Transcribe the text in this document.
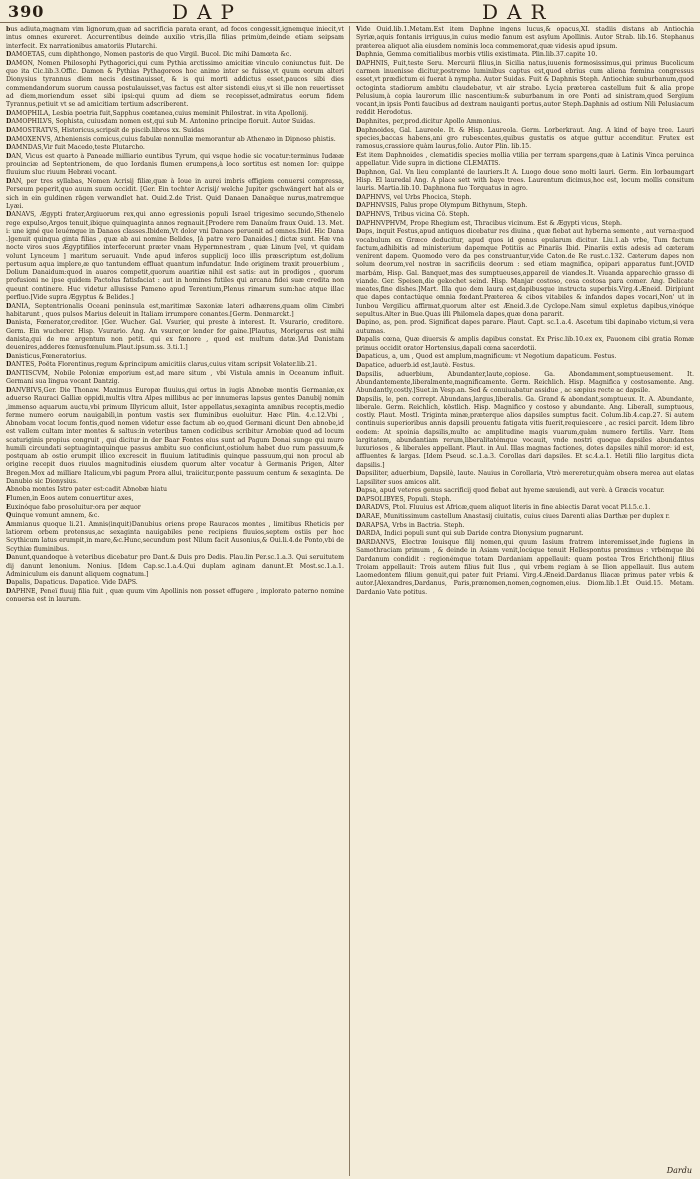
390	DAP	DAR

bus adiuta,magnam vim lignorum,quæ ad sacrificia parata erant, ad focos congessit,ignemque iniecit,vt intus omnes exureret. Accurrentibus deinde auxilio vtris,illa filias primùm,deinde etiam seipsam interfecit. Ex narrationibus amatoriis Plutarchi.

DAMOETAS, cum diphthongo, Nomen pastoris de quo Virgil. Bucol. Dic mihi Damœta &c.

DAMON, Nomen Philosophi Pythagorici,qui cum Pythia arctissimo amicitiæ vinculo coniunctus fuit. De quo ita Cic.lib.3.Offic. Damon & Pythias Pythagoreos hoc animo inter se fuisse,vt quum eorum alteri Dionysius tyrannus diem necis destinauisset, & is qui morti addictus esset,paucos sibi dies commendandorum suorum caussa postulauisset,vas factus est alter sistendi eius,vt si ille non reuertisset ad diem,moriendum esset sibi ipsi:qui quum ad diem se recepisset,admiratus eorum fidem Tyrannus,petiuit vt se ad amicitiam tertium adscriberent.

DAMOPHILA, Lesbia poetria fuit,Sapphus coætanea,cuius meminit Philostrat. in vita Apollonij.

DAMOPHILVS, Sophista, cuiusdam nomen est,qui sub M. Antonino principe floruit. Autor Suidas.

DAMOSTRATVS, Historicus,scripsit de piscib.libros xx. Suidas

DAMOXENVS, Atheniensis comicus,cuius fabulæ nonnullæ memorantur ab Athenæo in Dipnoso phistis.

DAMNDAS,Vir fuit Macedo,teste Plutarcho.

DAN, Vicus est quarto à Paneade milliario euntibus Tyrum, qui vsque hodie sic vocatur:terminus Iudææ prouinciæ ad Septentrionem, de quo Iordanis flumen erumpens,à loco sortitus est nomen Ior: quippe fluuium sluc riuum Hebræi vocant.

DAN, per tres syllabas, Nomen Acrisij filiæ,quæ à Ioue in aurei imbris effigiem conuersi compressa, Perseum peperit,quo auum suum occidit. [Ger. Ein tochter Acrisij/ welche Jupiter gschwängert hat als er sich in ein guldinen rägen verwandlet hat. Ouid.2.de Trist. Quid Danaen Danaëque nurus,matremque Lyæi.

DANAVS, Ægypti frater,Argiuorum rex,qui anno egressionis populi Israel trigesimo secundo,Sthenelo rege expulso,Argos tenuit,ibique quinquaginta annos regnauit.[Prodere rem Danaûm fraux Ouid. 13. Met. i: une igné que leuémque in Danaos classes.Ibidem,Vt dolor vni Danaos peruenit ad omnes.Ibid. Hic Dana .]genuit quinqua ginta filias , quæ ab aui nomine Belides, [à patre vero Danaides.] dictæ sunt. Hæ vna nocte viros suos Ægyptifilios interfecerunt præter vnam Hypermnestram , quæ Linum [vel, vt quidam volunt Lynceum ] maritum seruauit. Vnde apud inferos supplicij loco illis præscriptum est,dolium pertusum aqua implere,æ quo tantundem effluat quantum infundatur. Inde originem traxit prouerbium , Dolium Danaidum:quod in auaros competit,quorum auaritiæ nihil est satis: aut in prodigos , quorum profusioni ne ipse quidem Pactolus fatisfaciat : aut in homines futiles qui arcana fidei suæ credita non queunt continere. Huc videtur allusisse Pameno apud Terentium,Plenus rimarum sum:hac atque illac perfluo.[Vide supra Ægyptus & Belides.]

DANIA, Septentrionalis Oceani peninsula est,maritimæ Saxoniæ lateri adhærens,quam olim Cimbri habitarunt , quos pulsos Marius deleuit in Italiam irrumpere conantes.[Germ. Denmarckt.]

Danista, Fœnerator,creditor. [Ger. Wucher. Gal. Vsurier, qui preste à interest. It. Vsurario, creditore. Germ. Ein wucherer. Hisp. Vsurario. Ang. An vsurer,or lender for gaine.]Plautus, Morigerus est mihi danista,qui de me argentum non petit. qui ex fænore , quod est multum datæ.]Ad Danistam deuenires,adderes fœnusfœnulum.Plaut.ipsum.ss. 3.ti.1.]

Danisticus,Fœneratorius.

DANTES, Poëta Florentinus,regum &principum amicitiis clarus,cuius vitam scripsit Volater.lib.21.

DANTISCVM, Nobile Poloniæ emporium est,ad mare situm , vbi Vistula amnis in Oceanum influit. Germani sua lingua vocant Dantzig.

DANVBIVS,Ger. Die Thonaw. Maximus Europæ fluuius,qui ortus in iugis Abnobæ montis Germaniæ,ex aduerso Rauraci Galliæ oppidi,multis vltra Alpes millibus ac per innumeras lapsus gentes Danubij nomin ,immenso aquarum auctu,vbi primum Illyricum alluit, Ister appellatus,sexaginta amnibus receptis,medio ferme numero eorum nauigabili,in pontum vastis sex fluminibus euoluitur. Hæc Plin. 4.c.12.Vbi , Abnobam vocat locum fontis,quod nomen videtur esse factum ab eo,quod Germani dicunt Den abnobe,id est vallem cultam inter montes & saltus:in veteribus tamen codicibus scribitur Arnobiæ quod ad locum scaturiginis propius congruit , qui dicitur in der Baar Fontes eius sunt ad Pagum Donai sunge qui muro humili circundati septuagintaquinque passus ambitu suo conficiunt,ostiolum habet duo rum passuum,& postquam ab ostio erumpit illico excrescit in fluuium latitudinis quinque passuum,qui non procul ab origine recepit duos riuulos magnitudinis eiusdem quorum alter vocatur à Germanis Prigen, Alter Bregen.Mox ad milliare Italicum,vbi pagum Prora allui, traiicitur,ponte passuum centum & sexaginta. De Danubio sic Dionysius.

Abnoba montes Istro pater est:cadit Abnobæ hiatu

Flumen,in Eoos autem conuertitur axes,

Euxinóque fabo prosoluitur:ora per æquor

Quinque vomunt amnem, &c.

Ammianus quoque li.21. Amnis(inquit)Danubius oriens prope Rauracos montes , limitibus Rheticis per latiorem orbem protensus,ac sexaginta nauigabiles pene recipiens fluuios,septem ostiis per hoc Scythicum latus erumpit,in mare,&c.Hunc,secundum post Nilum facit Ausonius,& Oui.li.4.de Ponto,vbi de Scythiæ fluminibus.

Danunt,quandoque à veteribus dicebatur pro Dant.& Duis pro Dedis. Plau.lin Per.sc.1.a.3. Qui seruitutem dij danunt lenonium. Nonius. [Idem Cap.sc.1.a.4.Qui duplam aginam danunt.Et Most.sc.1.a.1. Adminiculum eis danunt aliquem cognatum.]

Dapalis, Dapaticus. Dapatice. Vide DAPS.

DAPHNE, Peneï fluuij filia fuit , quæ quum vim Apollinis non posset effugere , implorato paterno nomine conuersa est in laurum.

Vide Ouid.lib.1.Metam.Est item Daphne ingens lucus,& opacus,XI. stadiis distans ab Antiochia Syriæ,aquis fontanis irriguus,in cuius medio fanum est asylum Apollinis. Autor Strab. lib.16. Stephanus præterea aliquot alia eiusdem nominis loca commemorat,quæ videsis apud ipsum.

Daphnia, Gemma comitialibus morbis vtilis existimata. Plin.lib.37.capite 10.

DAPHNIS, Fuit,teste Seru. Mercurii filius,in Sicilia natus,iuuenis formosissimus,qui primus Bucolicum carmen inuenisse dicitur,postremo luminibus captus est,quod ebrius cum aliena fœmina congressus esset,vt prædictum ei fuerat à nympha. Autor Suidas. Fuit & Daphnis Steph. Antiochiæ suburbanum,quod octoginta stadiorum ambitu claudebatur, vt air strabo. Lycia præterea castellum fuit & alia prope Pelusium,à copia laurorum illic nascentium:& suburbanum in ore Ponti ad sinistram,quod Sergium vocant,in ipsis Ponti faucibus ad dextram nauiganti portus,autor Steph.Daphnis ad ostium Nili Pelusiacum reddit Herodotus.

Daphnites, per,prod.dicitur Apollo Ammonius.

Daphnoides, Gal. Laureole. It. & Hisp. Laureola. Germ. Lorberkraut. Ang. A kind of baye tree. Lauri species,baccas habens,ani gro rubescentes,quibus gustatis os atque guttur accenditur. Frutex est ramosus,crassiore quàm laurus,folio. Autor Plin. lib.15.

Est item Daphnoides , clematidis species mollia vtilia per terram spargens,quæ à Latinis Vinca peruinca appellatur. Vide supra in dictione CLEMATIS.

Daphnon, Gal. Vn lieu complanté de lauriers.It A. Luogo doue sono molti lauri. Germ. Ein lorbaumgart Hisp. El lauredal Ang. A place sett with baye trees. Laurentum dicimus,hoc est, locum mollis consitum lauris. Martia.lib.10. Daphnona fuo Torquatus in agro.

DAPHNVS, vel Urbs Phocica, Steph.

DAPHNVSIS, Palus prope Olympum Bithynum, Steph.

DAPHNVS, Tribus vicina Cô. Steph.

DAPHNVPHVM, Prope Rhegium est, Thracibus vicinum. Est & Ægypti vicus, Steph.

Daps, inquit Festus,apud antiquos dicebatur res diuina , quæ fiebat aut hyberna semente , aut verna:quod vocabulum ex Græco deducitur, apud quos id genus epularum dicitur. Liu.1.ab vrbe, Tum factum factum,adhibitis ad ministerium dapemque Potitiis ac Pinariis Ibid. Pinariis extis adesis ad cæteram venirent dapem. Quomodo vero da pes construantur,vide Caton.de Re rust.c.132. Cæterum dapes non solum deorum,vel nostræ in sacrificiis deorum : sed etiam magnifica, opipari apparatus funt.[OVID marbám, Hisp. Gal. Banquet,mas des sumptueuses,appareil de viandes.It. Viuanda apparechio grasso di viande. Ger. Speisen,die gekochet seind. Hisp. Manjar costoso, cosa costosa para comer. Ang. Delicate meates,fine dishes.]Mart. Illa quo dem laura est,dapibusque instructa superbis.Virg.4.Æneid. Diripiunt que dapes contactúque omnia fœdant.Præterea & cibos vitabiles & infandos dapes vocari,Non' ut in Iunbou Vergilicu affirmat,quorum alter est Æneid.3.de Cyclope.Nam simul expletus dapibus,vinóque sepultus.Alter in Bue.Quas illi Philomela dapes,quæ dona pararit.

Dapino, as, pen. prod. Significat dapes parare. Plaut. Capt. sc.1.a.4. Ascetum tibi dapinabo victum,si vera autumas.

Dapalis cœna, Quæ diuersis & amplis dapibus constat. Ex Prisc.lib.10.ex ex, Pauonem cibi gratia Romæ primus occidit orator Hortensius,dapali cœna sacerdotii.

Dapaticus, a, um , Quod est amplum,magnificum: vt Negotium dapaticum. Festus.

Dapatice, aduerb.id est,lautè. Festus.

Dapsilis, aduerbium, Abundanter,laute,copiose. Ga. Abondamment,somptueusement. It. Abundantemente,liberalmente,magnificamente. Germ. Reichlich. Hisp. Magnifica y costosamente. Ang. Abundantly,costly.]Suet.in Vesp.an. Sed & conuiuabatur assidue , ac sæpius recte ac dapsile.

Dapsilis, le, pen. corrept. Abundans,largus,liberalis. Ga. Grand & abondant,somptueux. It. A. Abundante, liberale. Germ. Reichlich, köstlich. Hisp. Magnifico y costoso y abundante. Ang. Liberall, sumptuous, costly. Plaut. Mostl. Triginta minæ,præterque alios dapsiles sumptus facit. Colum.lib.4.cap.27. Si autem continuis superioribus annis dapsili prouentu fatigata vitis fuerit,requiescere , ac resici parcit. Idem libro eodem: At spoinia dapsilis,multo ac amplitudine magis vuarum,quàm numero fertilis. Varr. Item largitatem, abundantiam rerum,liberalitatémque vocauit, vnde nostri quoque dapsiles abundantes luxuriosos , & liberales appellant. Plaut. in Aul. Illas magnas factiones, dotes dapsiles nihil moror: id est, affluentes & largas. [Idem Pseud. sc.1.a.3. Corollas dari dapsiles. Et sc.4.a.1. Hetili filio largitus dicta dapsilis.]

Dapsiliter, aduerbium, Dapsilè, laute. Nauius in Corollaria, Vtrò mereretur,quàm obsera merea aut elatas Lapsiliter suos amicos alit.

Dapsa, apud veteres genus sacrificij quod fiebat aut hyeme sæuiendi, aut verè. à Græcis vocatur.

DAPSOLIBYES, Populi. Steph.

DARADVS, Ptol. Fluuius est Africæ,quem aliquot literis in fine abiectis Darat vocat Pl.l.5.c.1.

DARAE, Munitissimum castellum Anastasij ciuitatis, cuius ciues Darenti alias Darthæ per duplex r.

DARAPSA, Vrbs in Bactria. Steph.

DARDA, Indici populi sunt qui sub Daride contra Dionysium pugnarunt.

DARDANVS, Electræ Iouisque filij nomen,qui quum Iasium fratrem interemisset,inde fugiens in Samothraciam primum , & deinde in Asiam venit,locúque tenuit Hellespontus proximus : vrbémque ibi Dardanum condidit : regionémque totam Dardaniam appellauit: quam postea Tros Erichthonij filius Troiam appellauit: Trois autem filius fuit Ilus , qui vrbem regiam à se Ilion appellauit. Ilus autem Laomedontem filium genuit,qui pater fuit Priami. Virg.4.Æneid.Dardanus Iliacæ primus pater vrbis & autor.[Alexandres,Dardanus, Paris,prænomen,nomen,cognomen,eius. Diom.lib.1.Et Ouid.15. Metam. Dardanio Vate potitus.

Dardu
